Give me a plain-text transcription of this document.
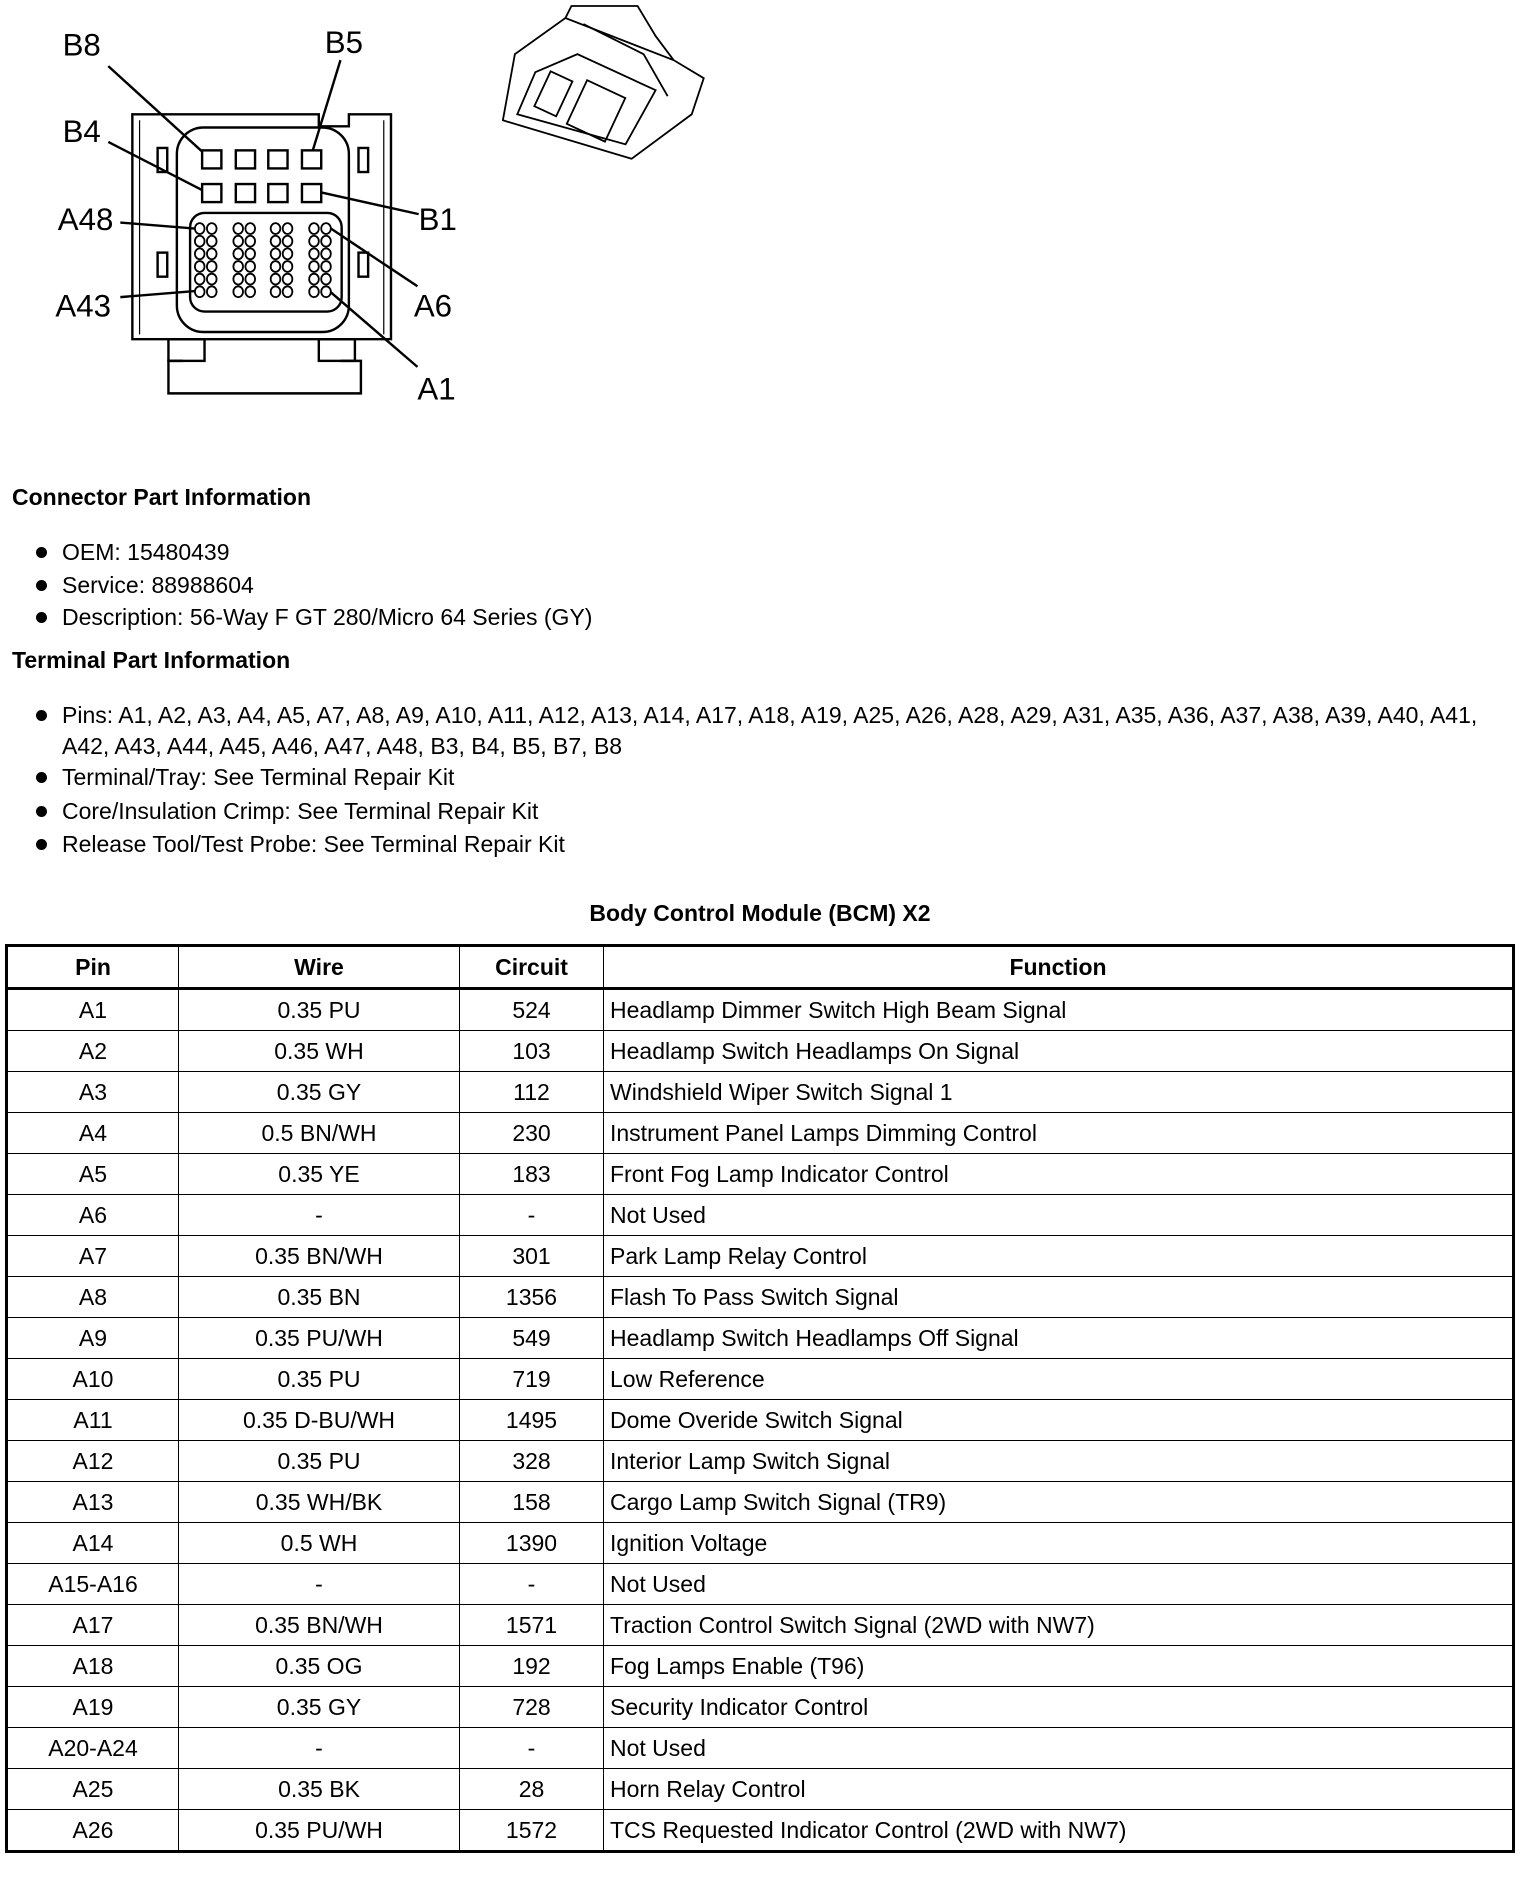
B8	B5
B4
A48
A43
B1
A6
A1
Connector Part Information
OEM: 15480439
Service: 88988604
Description: 56-Way F GT 280/Micro 64 Series (GY)
Terminal Part Information
Pins: A1, A2, A3, A4, A5, A7, A8, A9, A10, A11, A12, A13, A14, A17, A18, A19, A25, A26, A28, A29, A31, A35, A36, A37, A38, A39, A40, A41, A42, A43, A44, A45, A46, A47, A48, B3, B4, B5, B7, B8
Terminal/Tray: See Terminal Repair Kit
Core/Insulation Crimp: See Terminal Repair Kit
Release Tool/Test Probe: See Terminal Repair Kit
Body Control Module (BCM) X2
Pin	Wire	Circuit	Function
A1	0.35 PU	524	Headlamp Dimmer Switch High Beam Signal
A2	0.35 WH	103	Headlamp Switch Headlamps On Signal
A3	0.35 GY	112	Windshield Wiper Switch Signal 1
A4	0.5 BN/WH	230	Instrument Panel Lamps Dimming Control
A5	0.35 YE	183	Front Fog Lamp Indicator Control
A6	-	-	Not Used
A7	0.35 BN/WH	301	Park Lamp Relay Control
A8	0.35 BN	1356	Flash To Pass Switch Signal
A9	0.35 PU/WH	549	Headlamp Switch Headlamps Off Signal
A10	0.35 PU	719	Low Reference
A11	0.35 D-BU/WH	1495	Dome Overide Switch Signal
A12	0.35 PU	328	Interior Lamp Switch Signal
A13	0.35 WH/BK	158	Cargo Lamp Switch Signal (TR9)
A14	0.5 WH	1390	Ignition Voltage
A15-A16	-	-	Not Used
A17	0.35 BN/WH	1571	Traction Control Switch Signal (2WD with NW7)
A18	0.35 OG	192	Fog Lamps Enable (T96)
A19	0.35 GY	728	Security Indicator Control
A20-A24	-	-	Not Used
A25	0.35 BK	28	Horn Relay Control
A26	0.35 PU/WH	1572	TCS Requested Indicator Control (2WD with NW7)
